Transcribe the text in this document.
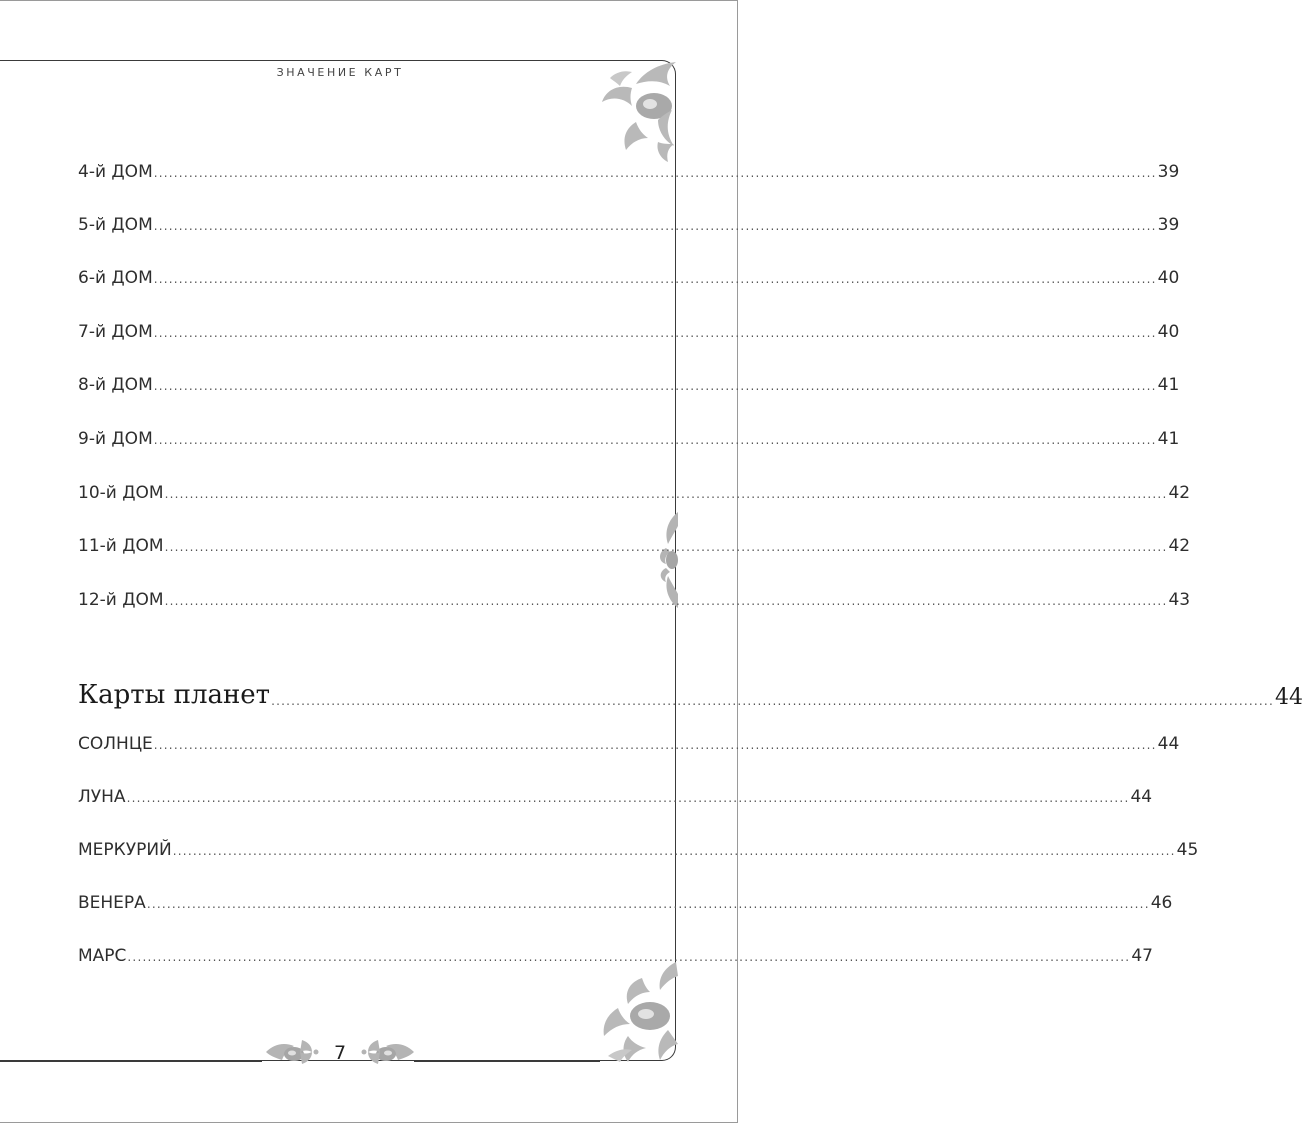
ЗНАЧЕНИЕ КАРТ
4-й ДОМ ........................................................................................................................................................................................................ 39
5-й ДОМ ........................................................................................................................................................................................................ 39
6-й ДОМ ........................................................................................................................................................................................................ 40
7-й ДОМ ........................................................................................................................................................................................................ 40
8-й ДОМ ........................................................................................................................................................................................................ 41
9-й ДОМ ........................................................................................................................................................................................................ 41
10-й ДОМ ........................................................................................................................................................................................................ 42
11-й ДОМ ........................................................................................................................................................................................................ 42
12-й ДОМ ........................................................................................................................................................................................................ 43
Карты планет ........................................................................................................................................................................................................ 44
СОЛНЦЕ ........................................................................................................................................................................................................ 44
ЛУНА ........................................................................................................................................................................................................ 44
МЕРКУРИЙ ........................................................................................................................................................................................................ 45
ВЕНЕРА ........................................................................................................................................................................................................ 46
МАРС ........................................................................................................................................................................................................ 47
7
